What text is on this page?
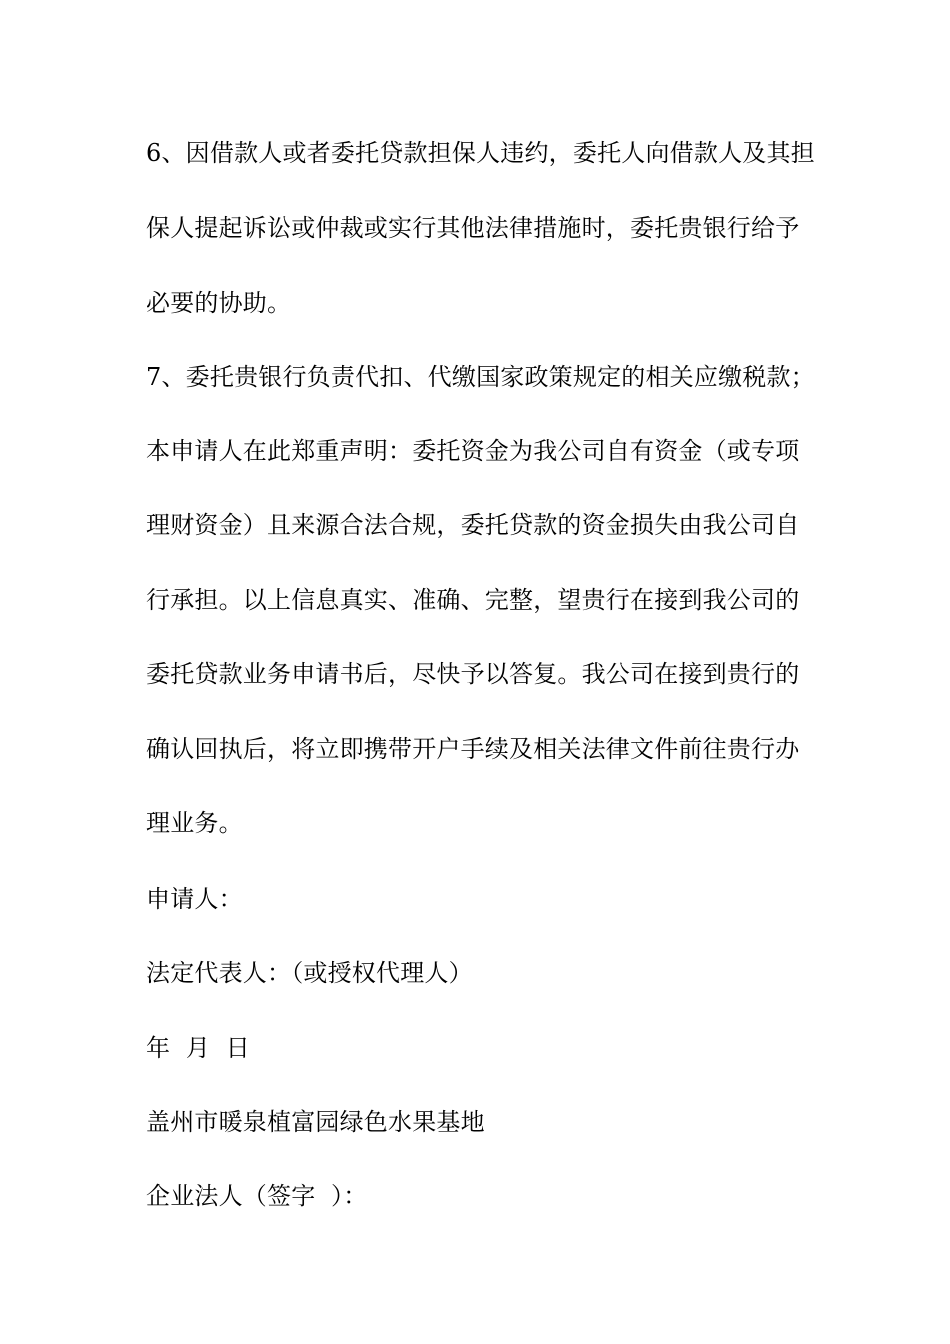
6、因借款人或者委托贷款担保人违约，委托人向借款人及其担
保人提起诉讼或仲裁或实行其他法律措施时，委托贵银行给予
必要的协助。
7、委托贵银行负责代扣、代缴国家政策规定的相关应缴税款；
本申请人在此郑重声明：委托资金为我公司自有资金（或专项
理财资金）且来源合法合规，委托贷款的资金损失由我公司自
行承担。以上信息真实、准确、完整，望贵行在接到我公司的
委托贷款业务申请书后，尽快予以答复。我公司在接到贵行的
确认回执后，将立即携带开户手续及相关法律文件前往贵行办
理业务。
申请人：
法定代表人：（或授权代理人）
年  月  日
盖州市暖泉植富园绿色水果基地
企业法人（签字  ）：
